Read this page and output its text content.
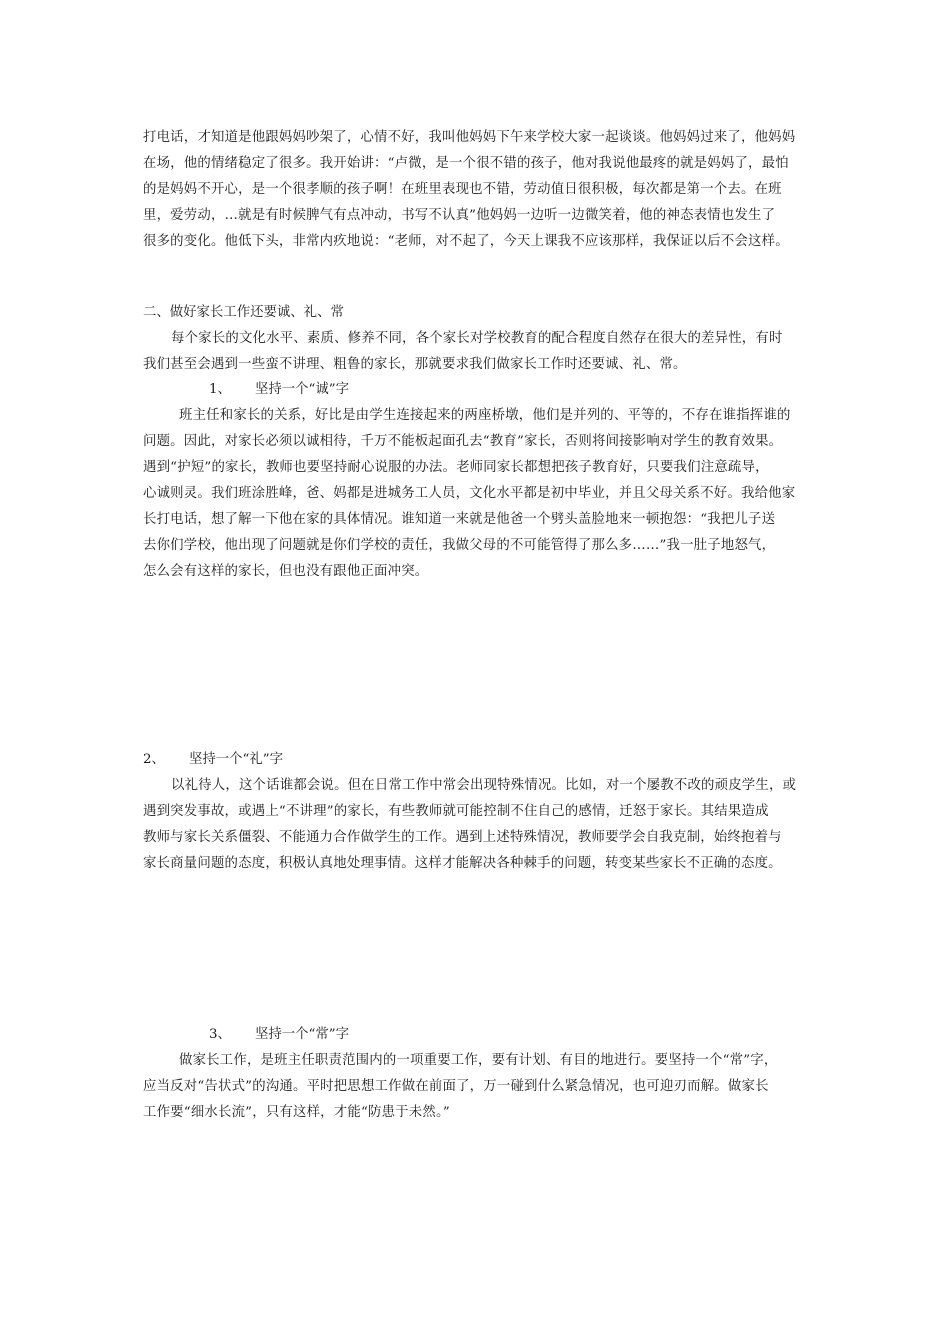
打电话，才知道是他跟妈妈吵架了，心情不好，我叫他妈妈下午来学校大家一起谈谈。他妈妈过来了，他妈妈
在场，他的情绪稳定了很多。我开始讲：“卢微，是一个很不错的孩子，他对我说他最疼的就是妈妈了，最怕
的是妈妈不开心，是一个很孝顺的孩子啊！在班里表现也不错，劳动值日很积极，每次都是第一个去。在班
里，爱劳动，…就是有时候脾气有点冲动，书写不认真”他妈妈一边听一边微笑着，他的神态表情也发生了
很多的变化。他低下头，非常内疚地说：“老师，对不起了，今天上课我不应该那样，我保证以后不会这样。
二、做好家长工作还要诚、礼、常
每个家长的文化水平、素质、修养不同，各个家长对学校教育的配合程度自然存在很大的差异性，有时
我们甚至会遇到一些蛮不讲理、粗鲁的家长，那就要求我们做家长工作时还要诚、礼、常。
1、 坚持一个“诚”字
班主任和家长的关系，好比是由学生连接起来的两座桥墩，他们是并列的、平等的，不存在谁指挥谁的
问题。因此，对家长必须以诚相待，千万不能板起面孔去“教育”家长，否则将间接影响对学生的教育效果。
遇到“护短”的家长，教师也要坚持耐心说服的办法。老师同家长都想把孩子教育好，只要我们注意疏导，
心诚则灵。我们班涂胜峰，爸、妈都是进城务工人员，文化水平都是初中毕业，并且父母关系不好。我给他家
长打电话，想了解一下他在家的具体情况。谁知道一来就是他爸一个劈头盖脸地来一顿抱怨：“我把儿子送
去你们学校，他出现了问题就是你们学校的责任，我做父母的不可能管得了那么多……”我一肚子地怒气，
怎么会有这样的家长，但也没有跟他正面冲突。
2、 坚持一个“礼”字
以礼待人，这个话谁都会说。但在日常工作中常会出现特殊情况。比如，对一个屡教不改的顽皮学生，或
遇到突发事故，或遇上“不讲理”的家长，有些教师就可能控制不住自己的感情，迁怒于家长。其结果造成
教师与家长关系僵裂、不能通力合作做学生的工作。遇到上述特殊情况，教师要学会自我克制，始终抱着与
家长商量问题的态度，积极认真地处理事情。这样才能解决各种棘手的问题，转变某些家长不正确的态度。
3、 坚持一个“常”字
做家长工作，是班主任职责范围内的一项重要工作，要有计划、有目的地进行。要坚持一个“常”字，
应当反对“告状式”的沟通。平时把思想工作做在前面了，万一碰到什么紧急情况，也可迎刃而解。做家长
工作要“细水长流”，只有这样，才能“防患于未然。”
